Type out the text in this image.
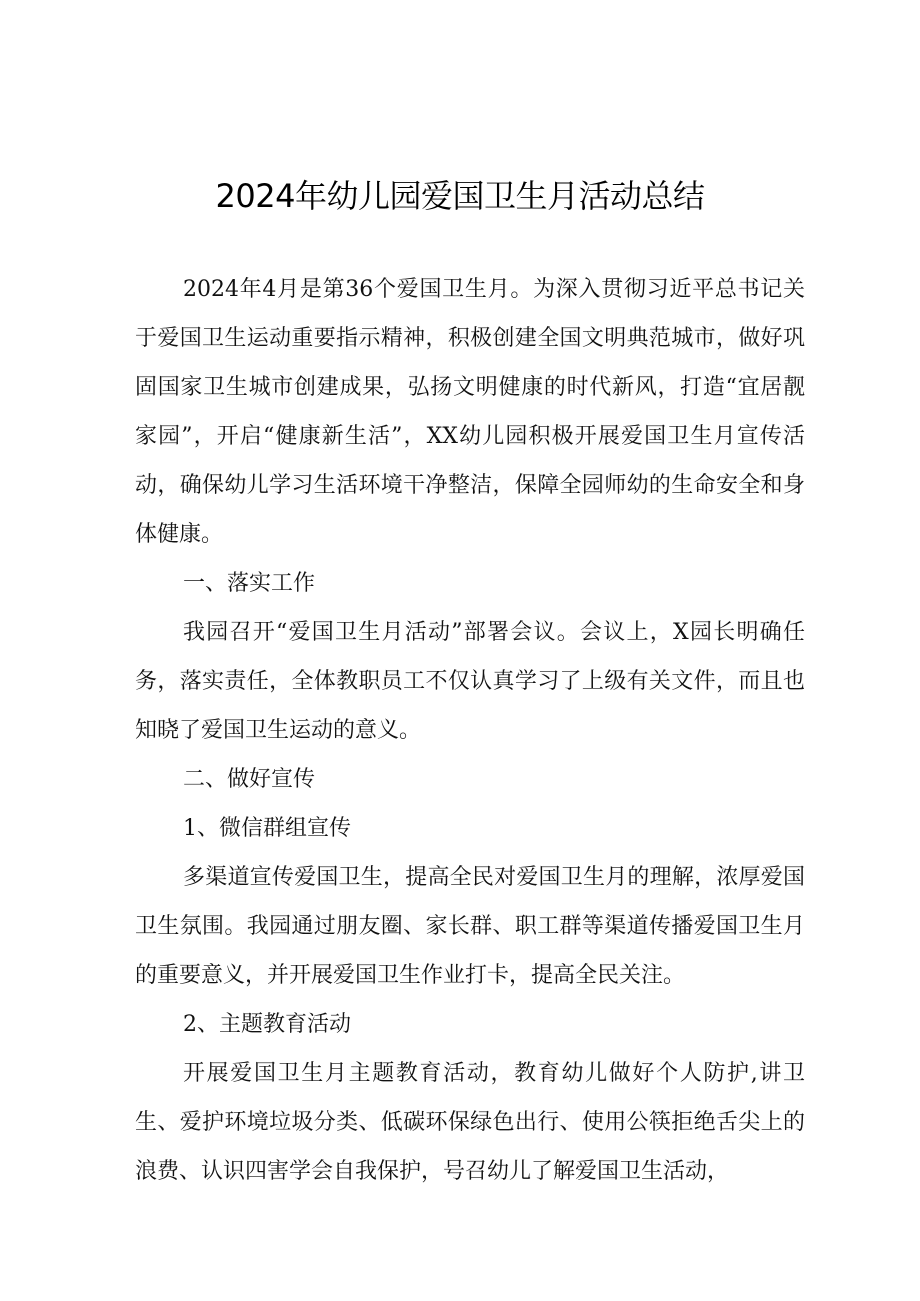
2024年幼儿园爱国卫生月活动总结

2024年4月是第36个爱国卫生月。为深入贯彻习近平总书记关于爱国卫生运动重要指示精神，积极创建全国文明典范城市，做好巩固国家卫生城市创建成果，弘扬文明健康的时代新风，打造“宜居靓家园”，开启“健康新生活”，XX幼儿园积极开展爱国卫生月宣传活动，确保幼儿学习生活环境干净整洁，保障全园师幼的生命安全和身体健康。

一、落实工作

我园召开“爱国卫生月活动”部署会议。会议上，X园长明确任务，落实责任，全体教职员工不仅认真学习了上级有关文件，而且也知晓了爱国卫生运动的意义。

二、做好宣传

1、微信群组宣传

多渠道宣传爱国卫生，提高全民对爱国卫生月的理解，浓厚爱国卫生氛围。我园通过朋友圈、家长群、职工群等渠道传播爱国卫生月的重要意义，并开展爱国卫生作业打卡，提高全民关注。

2、主题教育活动

开展爱国卫生月主题教育活动，教育幼儿做好个人防护,讲卫生、爱护环境垃圾分类、低碳环保绿色出行、使用公筷拒绝舌尖上的浪费、认识四害学会自我保护，号召幼儿了解爱国卫生活动，
